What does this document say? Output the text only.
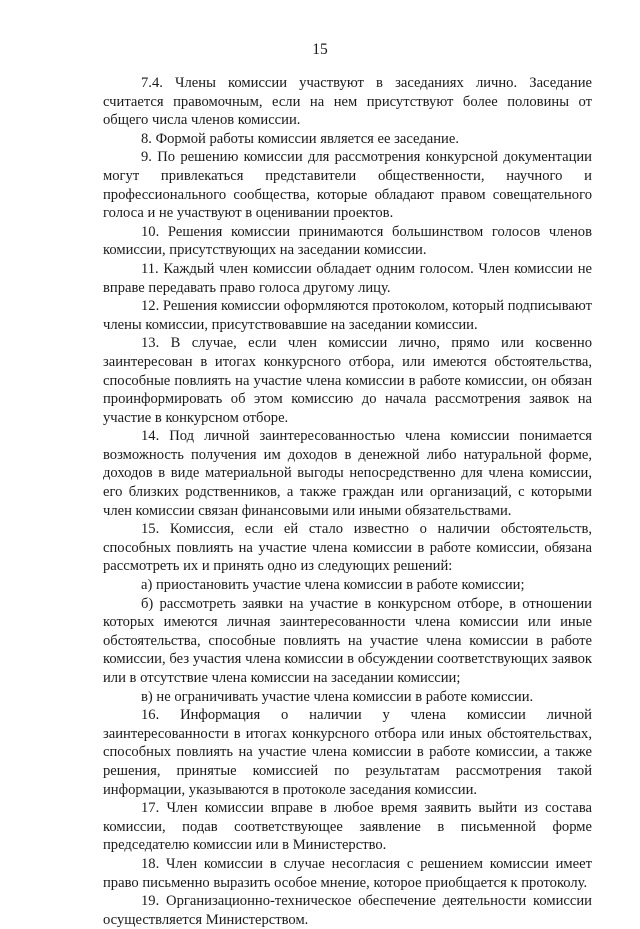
15

7.4. Члены комиссии участвуют в заседаниях лично. Заседание считается правомочным, если на нем присутствуют более половины от общего числа членов комиссии.

8. Формой работы комиссии является ее заседание.

9. По решению комиссии для рассмотрения конкурсной документации могут привлекаться представители общественности, научного и профессионального сообщества, которые обладают правом совещательного голоса и не участвуют в оценивании проектов.

10. Решения комиссии принимаются большинством голосов членов комиссии, присутствующих на заседании комиссии.

11. Каждый член комиссии обладает одним голосом. Член комиссии не вправе передавать право голоса другому лицу.

12. Решения комиссии оформляются протоколом, который подписывают члены комиссии, присутствовавшие на заседании комиссии.

13. В случае, если член комиссии лично, прямо или косвенно заинтересован в итогах конкурсного отбора, или имеются обстоятельства, способные повлиять на участие члена комиссии в работе комиссии, он обязан проинформировать об этом комиссию до начала рассмотрения заявок на участие в конкурсном отборе.

14. Под личной заинтересованностью члена комиссии понимается возможность получения им доходов в денежной либо натуральной форме, доходов в виде материальной выгоды непосредственно для члена комиссии, его близких родственников, а также граждан или организаций, с которыми член комиссии связан финансовыми или иными обязательствами.

15. Комиссия, если ей стало известно о наличии обстоятельств, способных повлиять на участие члена комиссии в работе комиссии, обязана рассмотреть их и принять одно из следующих решений:

а) приостановить участие члена комиссии в работе комиссии;

б) рассмотреть заявки на участие в конкурсном отборе, в отношении которых имеются личная заинтересованности члена комиссии или иные обстоятельства, способные повлиять на участие члена комиссии в работе комиссии, без участия члена комиссии в обсуждении соответствующих заявок или в отсутствие члена комиссии на заседании комиссии;

в) не ограничивать участие члена комиссии в работе комиссии.

16. Информация о наличии у члена комиссии личной заинтересованности в итогах конкурсного отбора или иных обстоятельствах, способных повлиять на участие члена комиссии в работе комиссии, а также решения, принятые комиссией по результатам рассмотрения такой информации, указываются в протоколе заседания комиссии.

17. Член комиссии вправе в любое время заявить выйти из состава комиссии, подав соответствующее заявление в письменной форме председателю комиссии или в Министерство.

18. Член комиссии в случае несогласия с решением комиссии имеет право письменно выразить особое мнение, которое приобщается к протоколу.

19. Организационно-техническое обеспечение деятельности комиссии осуществляется Министерством.
